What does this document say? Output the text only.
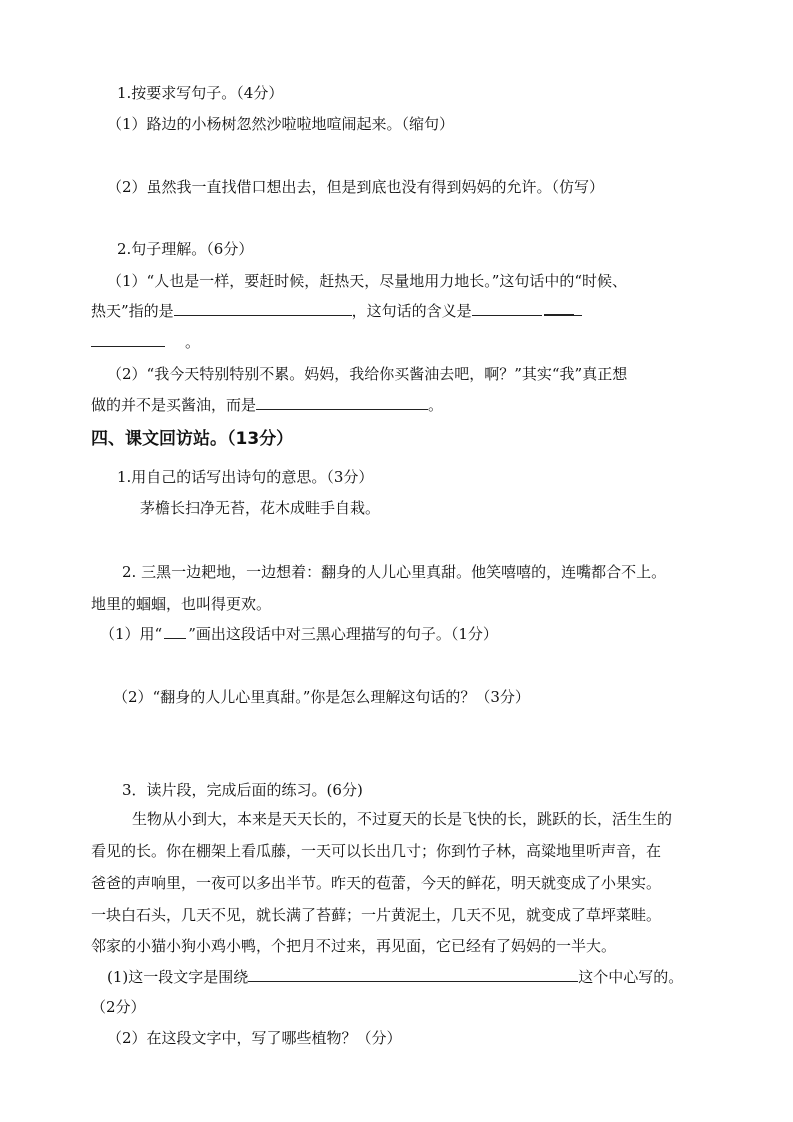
1.按要求写句子。（4分）
（1）路边的小杨树忽然沙啦啦地喧闹起来。（缩句）
（2）虽然我一直找借口想出去，但是到底也没有得到妈妈的允许。（仿写）
2.句子理解。（6分）
（1）“人也是一样，要赶时候，赶热天，尽量地用力地长。”这句话中的“时候、
热天”指的是	，这句话的含义是
。
（2）“我今天特别特别不累。妈妈，我给你买酱油去吧，啊？”其实“我”真正想
做的并不是买酱油，而是	。
四、课文回访站。（13分）
1.用自己的话写出诗句的意思。（3分）
茅檐长扫净无苔，花木成畦手自栽。
2. 三黑一边耙地，一边想着：翻身的人儿心里真甜。他笑嘻嘻的，连嘴都合不上。
地里的蝈蝈，也叫得更欢。
（1）用“ ”画出这段话中对三黑心理描写的句子。（1分）
（2）“翻身的人儿心里真甜。”你是怎么理解这句话的？（3分）
3．读片段，完成后面的练习。(6分)
生物从小到大，本来是天天长的，不过夏天的长是飞快的长，跳跃的长，活生生的
看见的长。你在棚架上看瓜藤，一天可以长出几寸；你到竹子林，高粱地里听声音，在
爸爸的声响里，一夜可以多出半节。昨天的苞蕾，今天的鲜花，明天就变成了小果实。
一块白石头，几天不见，就长满了苔藓；一片黄泥土，几天不见，就变成了草坪菜畦。
邻家的小猫小狗小鸡小鸭，个把月不过来，再见面，它已经有了妈妈的一半大。
(1)这一段文字是围绕	这个中心写的。
（2分）
（2）在这段文字中，写了哪些植物？（分）
